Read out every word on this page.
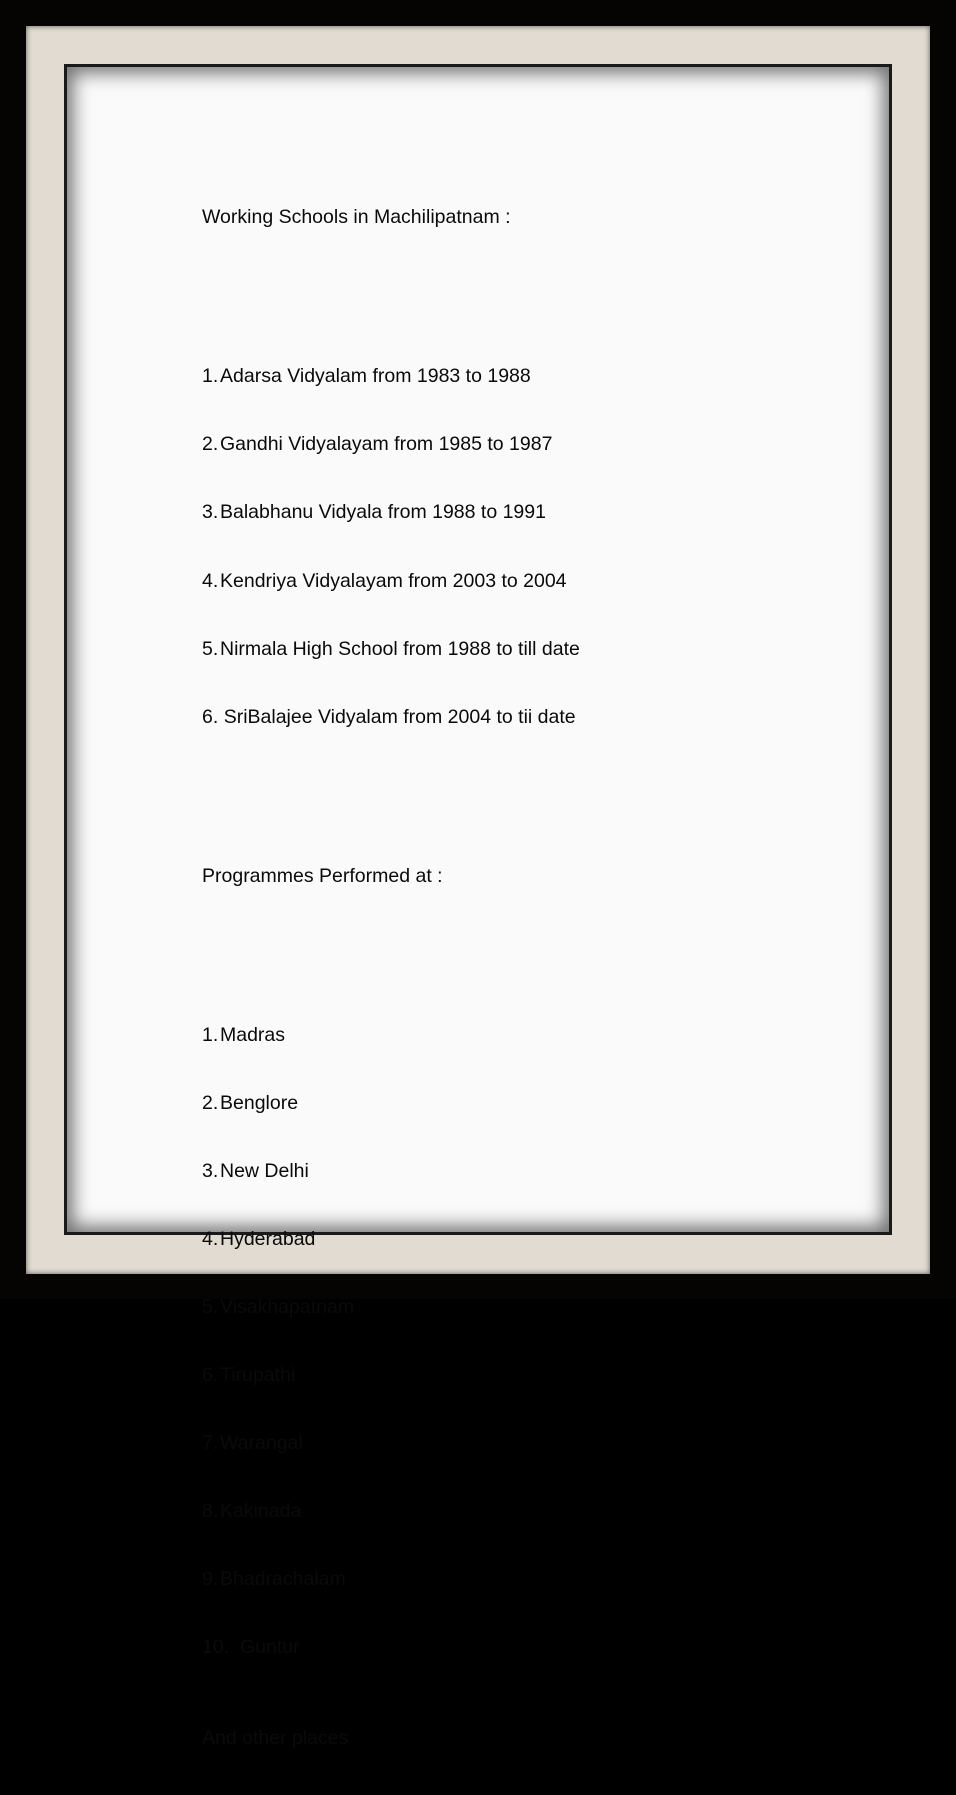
Working Schools in Machilipatnam :

1.Adarsa Vidyalam from 1983 to 1988

2.Gandhi Vidyalayam from 1985 to 1987

3.Balabhanu Vidyala from 1988 to 1991

4.Kendriya Vidyalayam from 2003 to 2004

5.Nirmala High School from 1988 to till date

6. SriBalajee Vidyalam from 2004 to tii date

Programmes Performed at :

1.Madras

2.Benglore

3.New Delhi

4.Hyderabad

5.Visakhapatnam

6.Tirupathi

7.Warangal

8.Kakinada

9.Bhadrachalam

10.  Guntur

And other places
